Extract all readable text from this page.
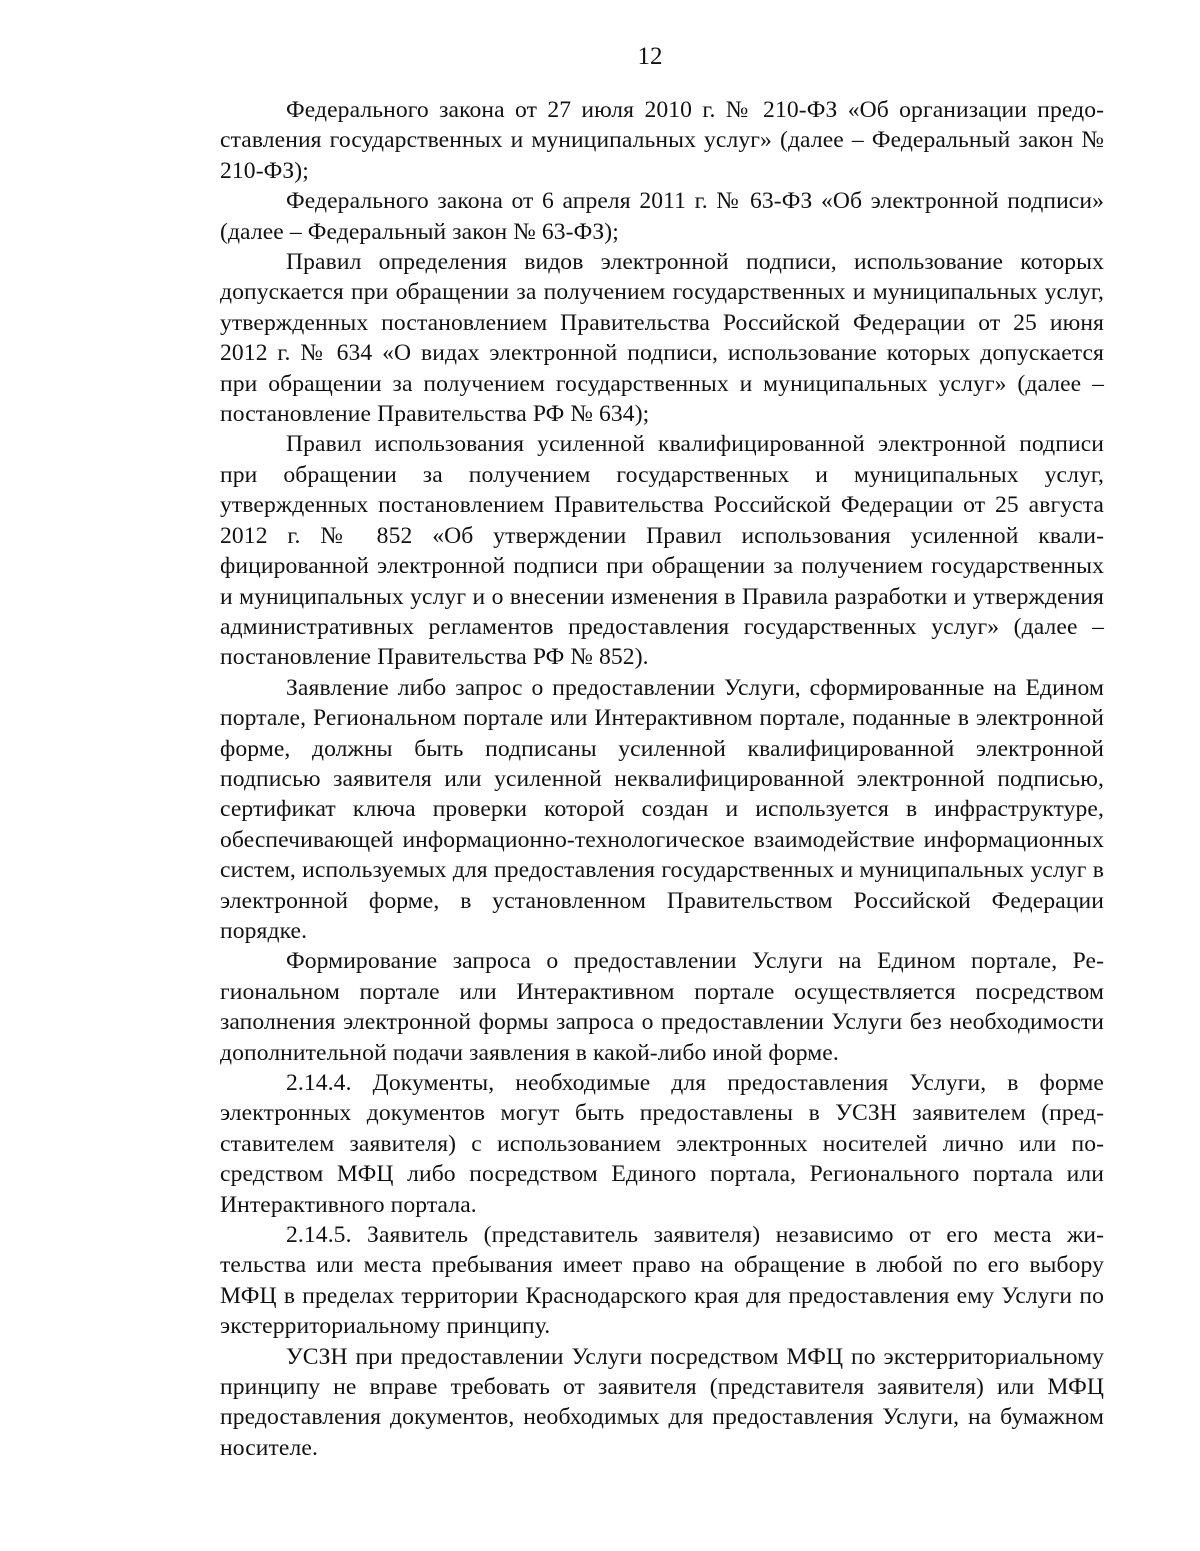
12

Федерального закона от 27 июля 2010 г. № 210-ФЗ «Об организации предоставления государственных и муниципальных услуг» (далее – Федеральный закон № 210-ФЗ);

Федерального закона от 6 апреля 2011 г. № 63-ФЗ «Об электронной подписи» (далее – Федеральный закон № 63-ФЗ);

Правил определения видов электронной подписи, использование которых допускается при обращении за получением государственных и муниципальных услуг, утвержденных постановлением Правительства Российской Федерации от 25 июня 2012 г. № 634 «О видах электронной подписи, использование которых допускается при обращении за получением государственных и муниципальных услуг» (далее – постановление Правительства РФ № 634);

Правил использования усиленной квалифицированной электронной подписи при обращении за получением государственных и муниципальных услуг, утвержденных постановлением Правительства Российской Федерации от 25 августа 2012 г. № 852 «Об утверждении Правил использования усиленной квалифицированной электронной подписи при обращении за получением государственных и муниципальных услуг и о внесении изменения в Правила разработки и утверждения административных регламентов предоставления государственных услуг» (далее – постановление Правительства РФ № 852).

Заявление либо запрос о предоставлении Услуги, сформированные на Едином портале, Региональном портале или Интерактивном портале, поданные в электронной форме, должны быть подписаны усиленной квалифицированной электронной подписью заявителя или усиленной неквалифицированной электронной подписью, сертификат ключа проверки которой создан и используется в инфраструктуре, обеспечивающей информационно-технологическое взаимодействие информационных систем, используемых для предоставления государственных и муниципальных услуг в электронной форме, в установленном Правительством Российской Федерации порядке.

Формирование запроса о предоставлении Услуги на Едином портале, Региональном портале или Интерактивном портале осуществляется посредством заполнения электронной формы запроса о предоставлении Услуги без необходимости дополнительной подачи заявления в какой-либо иной форме.

2.14.4. Документы, необходимые для предоставления Услуги, в форме электронных документов могут быть предоставлены в УСЗН заявителем (представителем заявителя) с использованием электронных носителей лично или посредством МФЦ либо посредством Единого портала, Регионального портала или Интерактивного портала.

2.14.5. Заявитель (представитель заявителя) независимо от его места жительства или места пребывания имеет право на обращение в любой по его выбору МФЦ в пределах территории Краснодарского края для предоставления ему Услуги по экстерриториальному принципу.

УСЗН при предоставлении Услуги посредством МФЦ по экстерриториальному принципу не вправе требовать от заявителя (представителя заявителя) или МФЦ предоставления документов, необходимых для предоставления Услуги, на бумажном носителе.
